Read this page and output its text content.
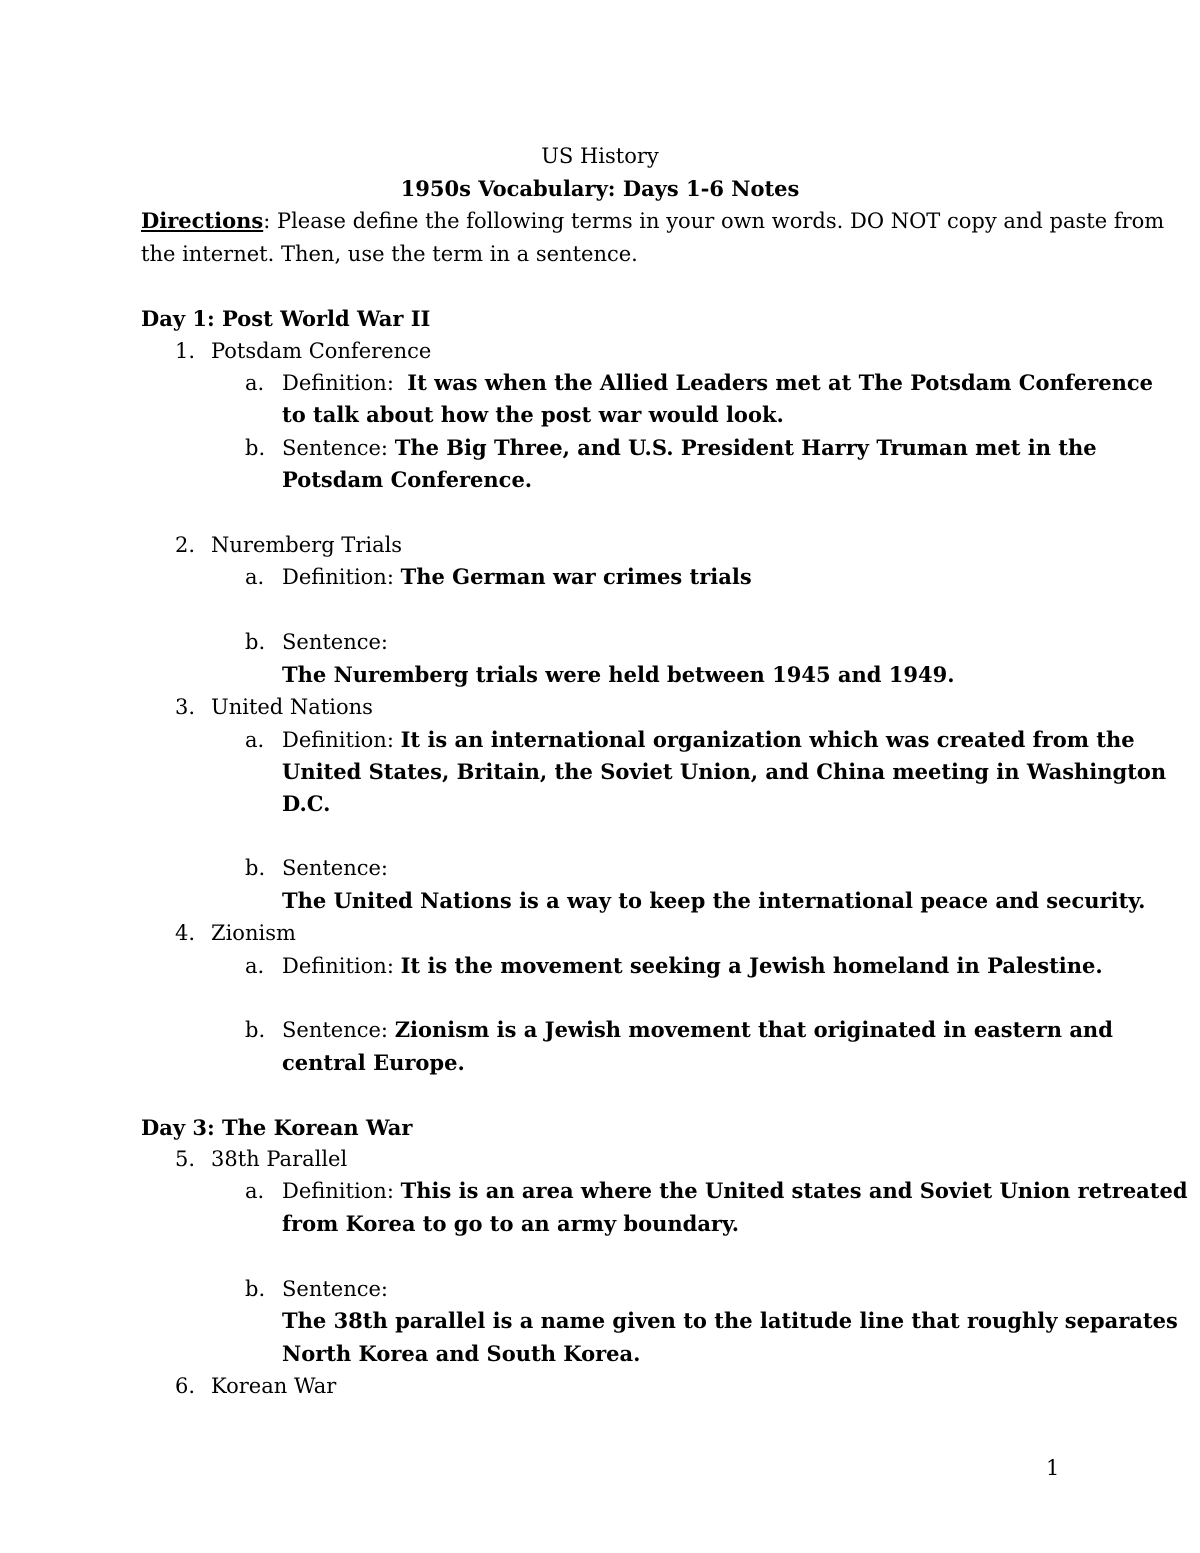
US History
1950s Vocabulary: Days 1-6 Notes
Directions: Please define the following terms in your own words. DO NOT copy and paste from
the internet. Then, use the term in a sentence.
Day 1: Post World War II
1. Potsdam Conference
a. Definition: It was when the Allied Leaders met at The Potsdam Conference
to talk about how the post war would look.
b. Sentence: The Big Three, and U.S. President Harry Truman met in the
Potsdam Conference.
2. Nuremberg Trials
a. Definition: The German war crimes trials
b. Sentence:
The Nuremberg trials were held between 1945 and 1949.
3. United Nations
a. Definition: It is an international organization which was created from the
United States, Britain, the Soviet Union, and China meeting in Washington
D.C.
b. Sentence:
The United Nations is a way to keep the international peace and security.
4. Zionism
a. Definition: It is the movement seeking a Jewish homeland in Palestine.
b. Sentence: Zionism is a Jewish movement that originated in eastern and
central Europe.
Day 3: The Korean War
5. 38th Parallel
a. Definition: This is an area where the United states and Soviet Union retreated
from Korea to go to an army boundary.
b. Sentence:
The 38th parallel is a name given to the latitude line that roughly separates
North Korea and South Korea.
6. Korean War
1
